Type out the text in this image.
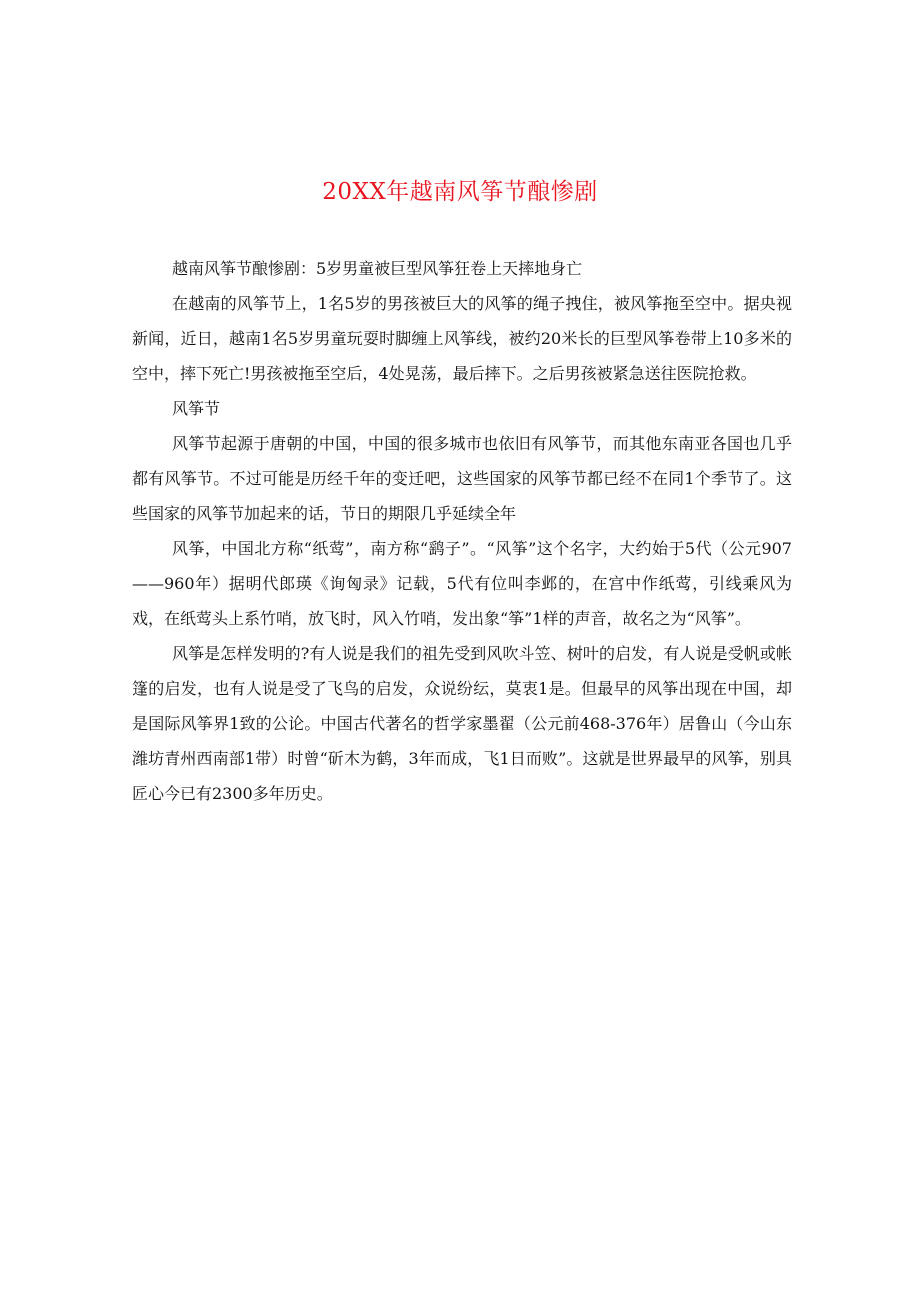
20XX年越南风筝节酿惨剧

越南风筝节酿惨剧：5岁男童被巨型风筝狂卷上天摔地身亡

在越南的风筝节上，1名5岁的男孩被巨大的风筝的绳子拽住，被风筝拖至空中。据央视新闻，近日，越南1名5岁男童玩耍时脚缠上风筝线，被约20米长的巨型风筝卷带上10多米的空中，摔下死亡!男孩被拖至空后，4处晃荡，最后摔下。之后男孩被紧急送往医院抢救。

风筝节

风筝节起源于唐朝的中国，中国的很多城市也依旧有风筝节，而其他东南亚各国也几乎都有风筝节。不过可能是历经千年的变迁吧，这些国家的风筝节都已经不在同1个季节了。这些国家的风筝节加起来的话，节日的期限几乎延续全年

风筝，中国北方称“纸莺”，南方称“鹞子”。“风筝”这个名字，大约始于5代（公元907——960年）据明代郎瑛《询匈录》记载，5代有位叫李邺的，在宫中作纸莺，引线乘风为戏，在纸莺头上系竹哨，放飞时，风入竹哨，发出象“筝”1样的声音，故名之为“风筝”。

风筝是怎样发明的?有人说是我们的祖先受到风吹斗笠、树叶的启发，有人说是受帆或帐篷的启发，也有人说是受了飞鸟的启发，众说纷纭，莫衷1是。但最早的风筝出现在中国，却是国际风筝界1致的公论。中国古代著名的哲学家墨翟（公元前468-376年）居鲁山（今山东潍坊青州西南部1带）时曾“斫木为鹤，3年而成，飞1日而败”。这就是世界最早的风筝，别具匠心今已有2300多年历史。
